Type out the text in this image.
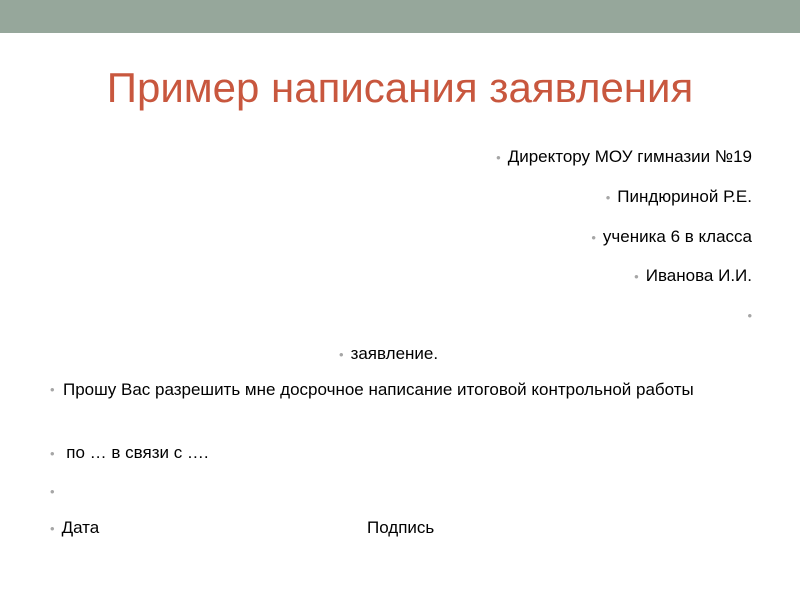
Пример написания заявления
• Директору МОУ гимназии №19
• Пиндюриной Р.Е.
• ученика 6 в класса
• Иванова И.И.
•
• заявление.
• Прошу Вас разрешить мне досрочное написание итоговой контрольной работы
• по … в связи с ….
•
• Дата	Подпись
